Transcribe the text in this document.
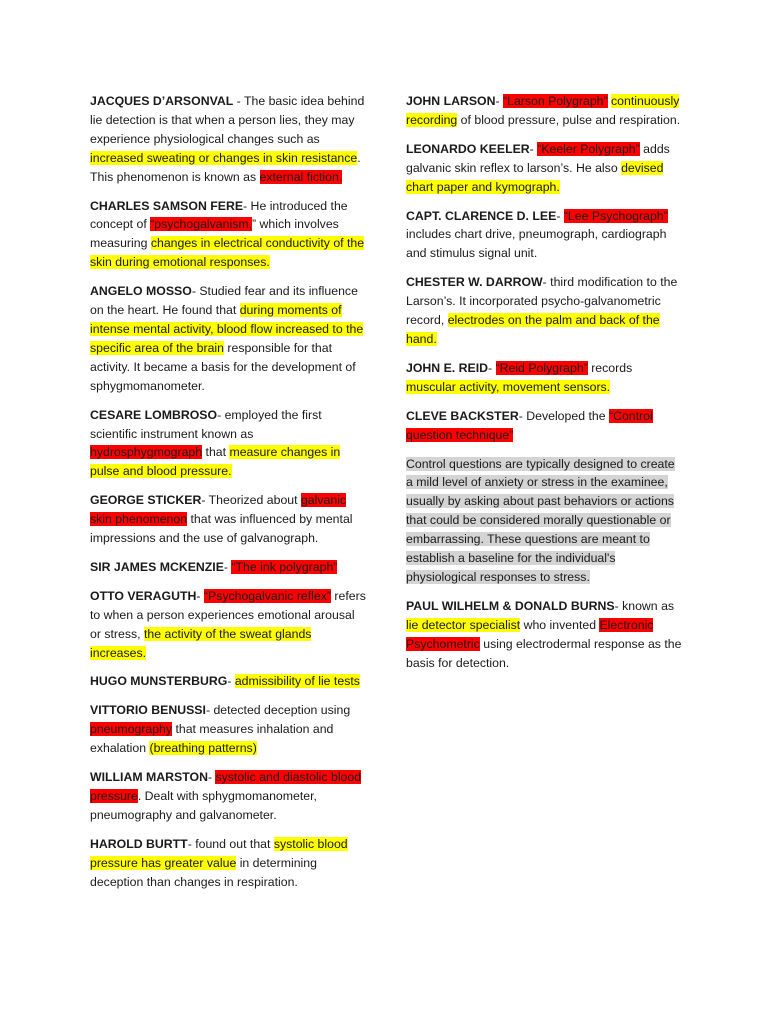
JACQUES D’ARSONVAL - The basic idea behind lie detection is that when a person lies, they may experience physiological changes such as increased sweating or changes in skin resistance. This phenomenon is known as external fiction.

CHARLES SAMSON FERE- He introduced the concept of “psychogalvanism,” which involves measuring changes in electrical conductivity of the skin during emotional responses.

ANGELO MOSSO- Studied fear and its influence on the heart. He found that during moments of intense mental activity, blood flow increased to the specific area of the brain responsible for that activity. It became a basis for the development of sphygmomanometer.

CESARE LOMBROSO- employed the first scientific instrument known as hydrosphygmograph that measure changes in pulse and blood pressure.

GEORGE STICKER- Theorized about galvanic skin phenomenon that was influenced by mental impressions and the use of galvanograph.

SIR JAMES MCKENZIE- “The ink polygraph”

OTTO VERAGUTH- “Psychogalvanic reflex” refers to when a person experiences emotional arousal or stress, the activity of the sweat glands increases.

HUGO MUNSTERBURG- admissibility of lie tests

VITTORIO BENUSSI- detected deception using pneumography that measures inhalation and exhalation (breathing patterns)

WILLIAM MARSTON- systolic and diastolic blood pressure. Dealt with sphygmomanometer, pneumography and galvanometer.

HAROLD BURTT- found out that systolic blood pressure has greater value in determining deception than changes in respiration.

JOHN LARSON- “Larson Polygraph” continuously recording of blood pressure, pulse and respiration.

LEONARDO KEELER- “Keeler Polygraph” adds galvanic skin reflex to larson’s. He also devised chart paper and kymograph.

CAPT. CLARENCE D. LEE- “Lee Psychograph” includes chart drive, pneumograph, cardiograph and stimulus signal unit.

CHESTER W. DARROW- third modification to the Larson’s. It incorporated psycho-galvanometric record, electrodes on the palm and back of the hand.

JOHN E. REID- “Reid Polygraph” records muscular activity, movement sensors.

CLEVE BACKSTER- Developed the “Control question technique”

Control questions are typically designed to create a mild level of anxiety or stress in the examinee, usually by asking about past behaviors or actions that could be considered morally questionable or embarrassing. These questions are meant to establish a baseline for the individual's physiological responses to stress.

PAUL WILHELM & DONALD BURNS- known as lie detector specialist who invented Electronic Psychometric using electrodermal response as the basis for detection.
